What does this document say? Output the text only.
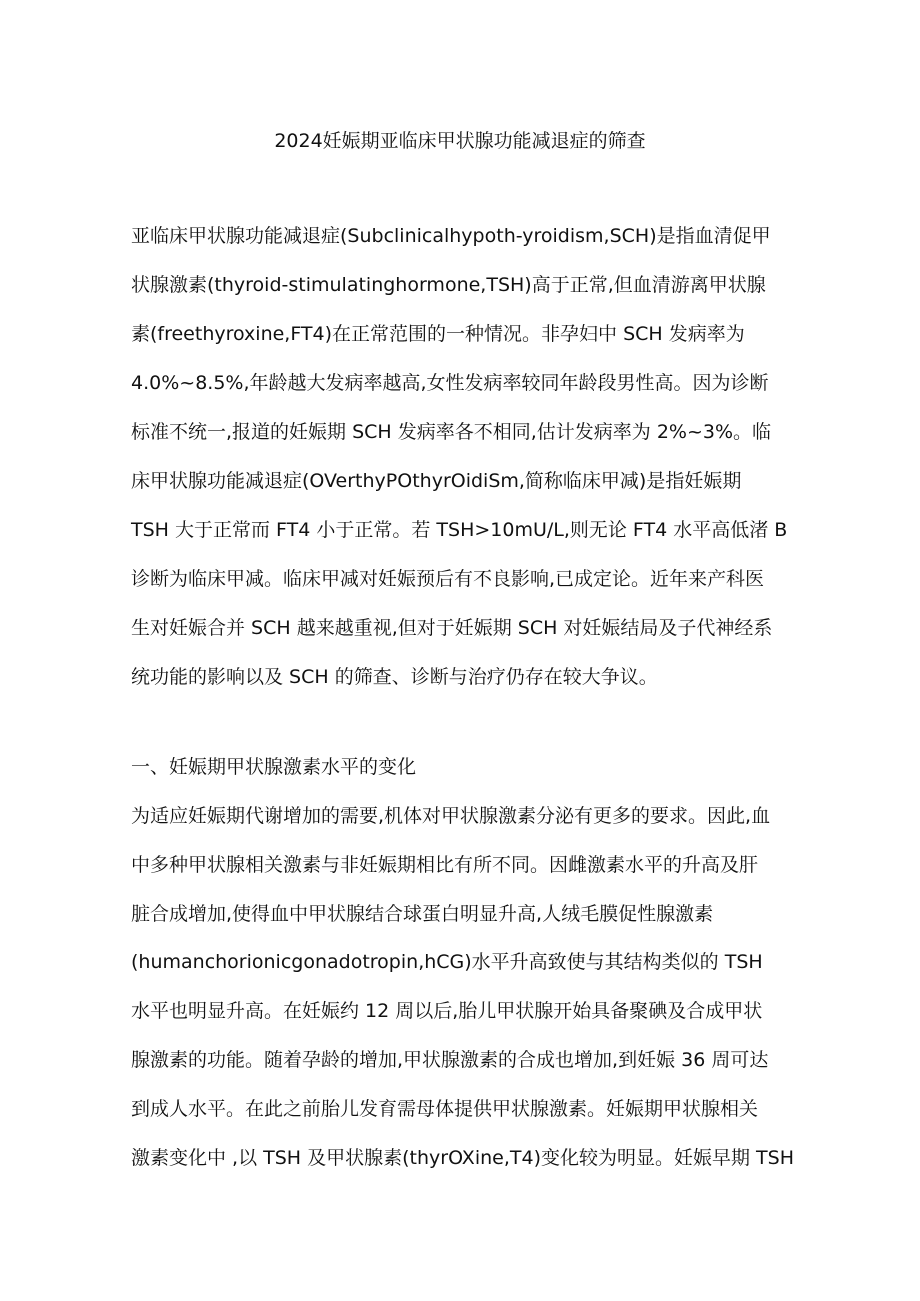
2024妊娠期亚临床甲状腺功能减退症的筛查
亚临床甲状腺功能减退症(Subclinicalhypoth-yroidism,SCH)是指血清促甲
状腺激素(thyroid-stimulatinghormone,TSH)高于正常,但血清游离甲状腺
素(freethyroxine,FT4)在正常范围的一种情况。非孕妇中 SCH 发病率为
4.0%~8.5%,年龄越大发病率越高,女性发病率较同年龄段男性高。因为诊断
标准不统一,报道的妊娠期 SCH 发病率各不相同,估计发病率为 2%~3%。临
床甲状腺功能减退症(OVerthyPOthyrOidiSm,简称临床甲减)是指妊娠期
TSH 大于正常而 FT4 小于正常。若 TSH>10mU/L,则无论 FT4 水平高低渚 B
诊断为临床甲减。临床甲减对妊娠预后有不良影响,已成定论。近年来产科医
生对妊娠合并 SCH 越来越重视,但对于妊娠期 SCH 对妊娠结局及子代神经系
统功能的影响以及 SCH 的筛查、诊断与治疗仍存在较大争议。
一、妊娠期甲状腺激素水平的变化
为适应妊娠期代谢增加的需要,机体对甲状腺激素分泌有更多的要求。因此,血
中多种甲状腺相关激素与非妊娠期相比有所不同。因雌激素水平的升高及肝
脏合成增加,使得血中甲状腺结合球蛋白明显升高,人绒毛膜促性腺激素
(humanchorionicgonadotropin,hCG)水平升高致使与其结构类似的 TSH
水平也明显升高。在妊娠约 12 周以后,胎儿甲状腺开始具备聚碘及合成甲状
腺激素的功能。随着孕龄的增加,甲状腺激素的合成也增加,到妊娠 36 周可达
到成人水平。在此之前胎儿发育需母体提供甲状腺激素。妊娠期甲状腺相关
激素变化中 ,以 TSH 及甲状腺素(thyrOXine,T4)变化较为明显。妊娠早期 TSH
